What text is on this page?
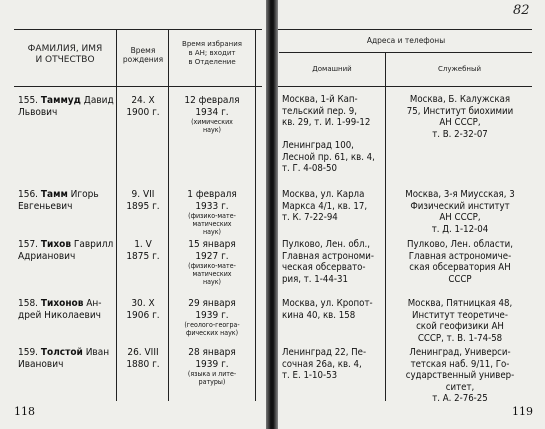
ФАМИЛИЯ, ИМЯ
И ОТЧЕСТВО
Время
рождения
Время избрания
в АН; входит
в Отделение
Адреса и телефоны
Домашний	Служебный
155. Таммуд Давид
Львович
24. X
1900 г.
12 февраля
1934 г.
(химических
наук)
Москва, 1-й Кап-
тельский пер. 9,
кв. 29, т. И. 1-99-12

Ленинград 100,
Лесной пр. 61, кв. 4,
т. Г. 4-08-50
Москва, Б. Калужская
75, Институт биохимии
АН СССР,
т. В. 2-32-07
156. Тамм Игорь
Евгеньевич
9. VII
1895 г.
1 февраля
1933 г.
(физико-мате-
матических
наук)
Москва, ул. Карла
Маркса 4/1, кв. 17,
т. К. 7-22-94
Москва, 3-я Миусская, 3
Физический институт
АН СССР,
т. Д. 1-12-04
157. Тихов Гаврилл
Адрианович
1. V
1875 г.
15 января
1927 г.
(физико-мате-
матических
наук)
Пулково, Лен. обл.,
Главная астрономи-
ческая обсервато-
рия, т. 1-44-31
Пулково, Лен. области,
Главная астрономиче-
ская обсерватория АН
СССР
158. Тихонов Ан-
дрей Николаевич
30. X
1906 г.
29 января
1939 г.
(геолого-геогра-
фических наук)
Москва, ул. Кропот-
кина 40, кв. 158
Москва, Пятницкая 48,
Институт теоретиче-
ской геофизики АН
СССР, т. В. 1-74-58
159. Толстой Иван
Иванович
26. VIII
1880 г.
28 января
1939 г.
(языка и лите-
ратуры)
Ленинград 22, Пе-
сочная 26а, кв. 4,
т. Е. 1-10-53
Ленинград, Универси-
тетская наб. 9/11, Го-
сударственный универ-
ситет,
т. А. 2-76-25
118	119
82
